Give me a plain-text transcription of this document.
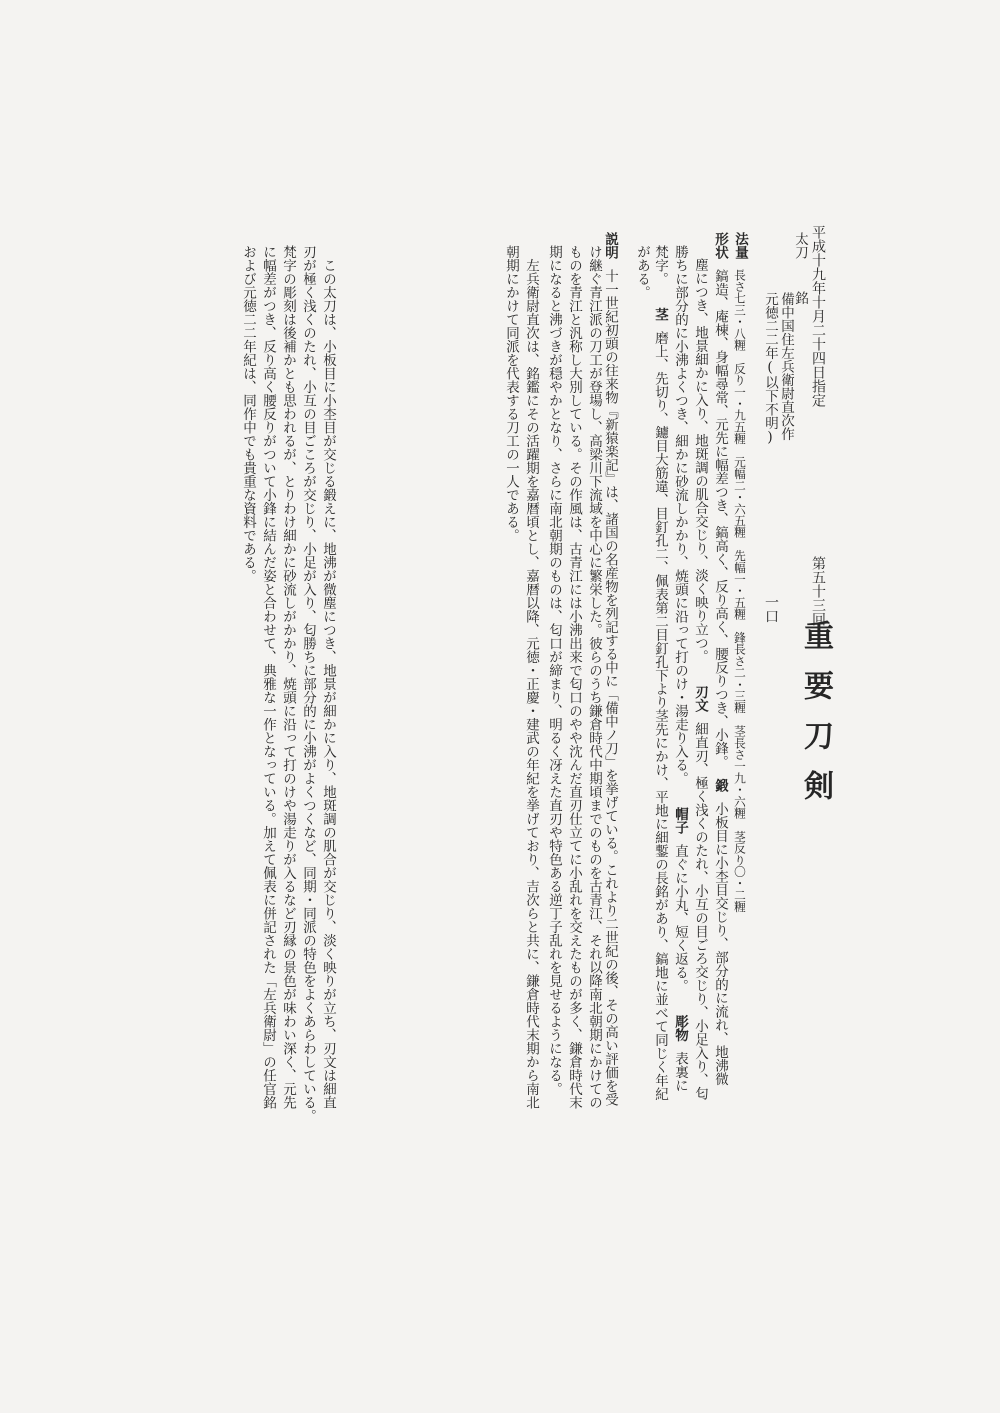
第五十三回
重要刀剣
一口
平成十九年十月二十四日指定
太刀銘
備中国住左兵衛尉直次作
元徳二二年(以下不明)
法量長さ七三・八糎　反り一・九五糎　元幅二・六五糎　先幅一・五糎　鋒長さ二・三糎　茎長さ一九・六糎　茎反り〇・二糎
形状鎬造、庵棟、身幅尋常、元先に幅差つき、鎬高く、反り高く、腰反りつき、小鋒。鍛小板目に小杢目交じり、部分的に流れ、地沸微
塵につき、地景細かに入り、地斑調の肌合交じり、淡く映り立つ。刃文細直刃、極く浅くのたれ、小互の目ごろ交じり、小足入り、匂
勝ちに部分的に小沸よくつき、細かに砂流しかかり、焼頭に沿って打のけ・湯走り入る。帽子直ぐに小丸、短く返る。彫物表裏に
梵字。茎磨上、先切り、鑢目大筋違、目釘孔二、佩表第二目釘孔下より茎先にかけ、平地に細鏨の長銘があり、鎬地に並べて同じく年紀
がある。
説明十一世紀初頭の往来物『新猿楽記』は、諸国の名産物を列記する中に「備中ノ刀」を挙げている。これより二世紀の後、その高い評価を受
け継ぐ青江派の刀工が登場し、高梁川下流域を中心に繁栄した。彼らのうち鎌倉時代中期頃までのものを古青江、それ以降南北朝期にかけての
ものを青江と汎称し大別している。その作風は、古青江には小沸出来で匂口のやや沈んだ直刃仕立てに小乱れを交えたものが多く、鎌倉時代末
期になると沸づきが穏やかとなり、さらに南北朝期のものは、匂口が締まり、明るく冴えた直刃や特色ある逆丁子乱れを見せるようになる。
　左兵衛尉直次は、銘鑑にその活躍期を嘉暦頃とし、嘉暦以降、元徳・正慶・建武の年紀を挙げており、吉次らと共に、鎌倉時代末期から南北
朝期にかけて同派を代表する刀工の一人である。
　この太刀は、小板目に小杢目が交じる鍛えに、地沸が微塵につき、地景が細かに入り、地斑調の肌合が交じり、淡く映りが立ち、刃文は細直
刃が極く浅くのたれ、小互の目ごころが交じり、小足が入り、匂勝ちに部分的に小沸がよくつくなど、同期・同派の特色をよくあらわしている。
梵字の彫刻は後補かとも思われるが、とりわけ細かに砂流しがかかり、焼頭に沿って打のけや湯走りが入るなど刃縁の景色が味わい深く、元先
に幅差がつき、反り高く腰反りがついて小鋒に結んだ姿と合わせて、典雅な一作となっている。加えて佩表に併記された「左兵衛尉」の任官銘
および元徳二二年紀は、同作中でも貴重な資料である。
